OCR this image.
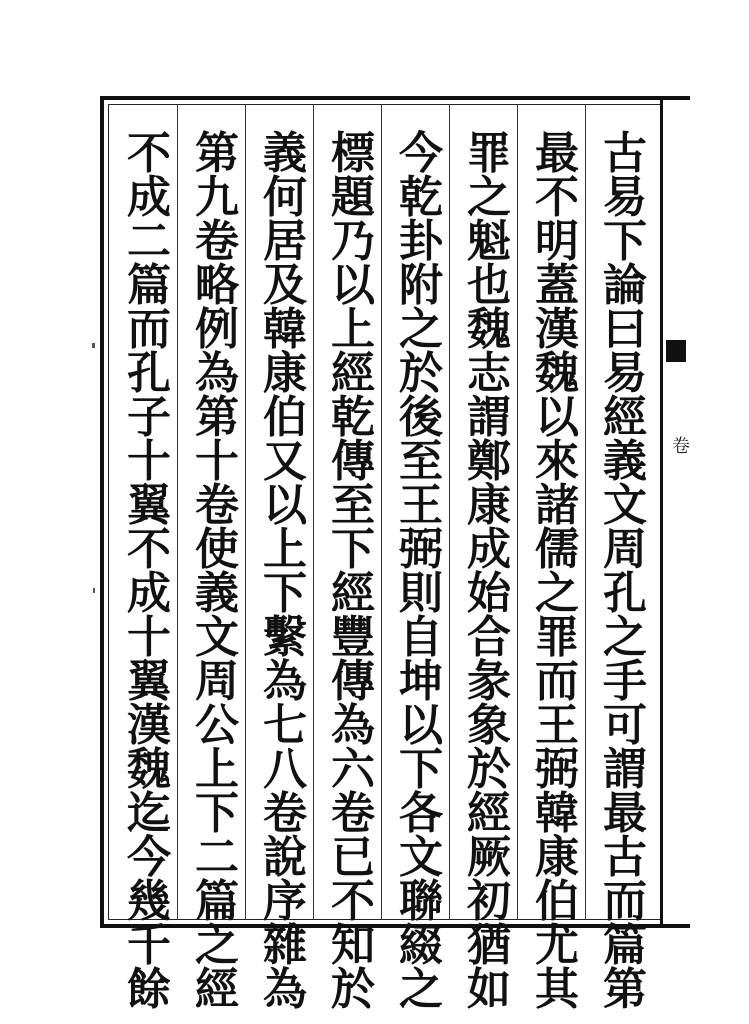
古
易
下
論
曰
易
經
義
文
周
孔
之
手
可
謂
最
古
而
篇
第
最
不
明
蓋
漢
魏
以
來
諸
儒
之
罪
而
王
弼
韓
康
伯
尤
其
罪
之
魁
也
魏
志
謂
鄭
康
成
始
合
彖
象
於
經
厥
初
猶
如
今
乾
卦
附
之
於
後
至
王
弼
則
自
坤
以
下
各
文
聯
綴
之
標
題
乃
以
上
經
乾
傳
至
下
經
豐
傳
為
六
卷
已
不
知
於
義
何
居
及
韓
康
伯
又
以
上
下
繫
為
七
八
卷
說
序
雜
為
第
九
卷
略
例
為
第
十
卷
使
義
文
周
公
上
下
二
篇
之
經
不
成
二
篇
而
孔
子
十
翼
不
成
十
翼
漢
魏
迄
今
幾
千
餘
卷
